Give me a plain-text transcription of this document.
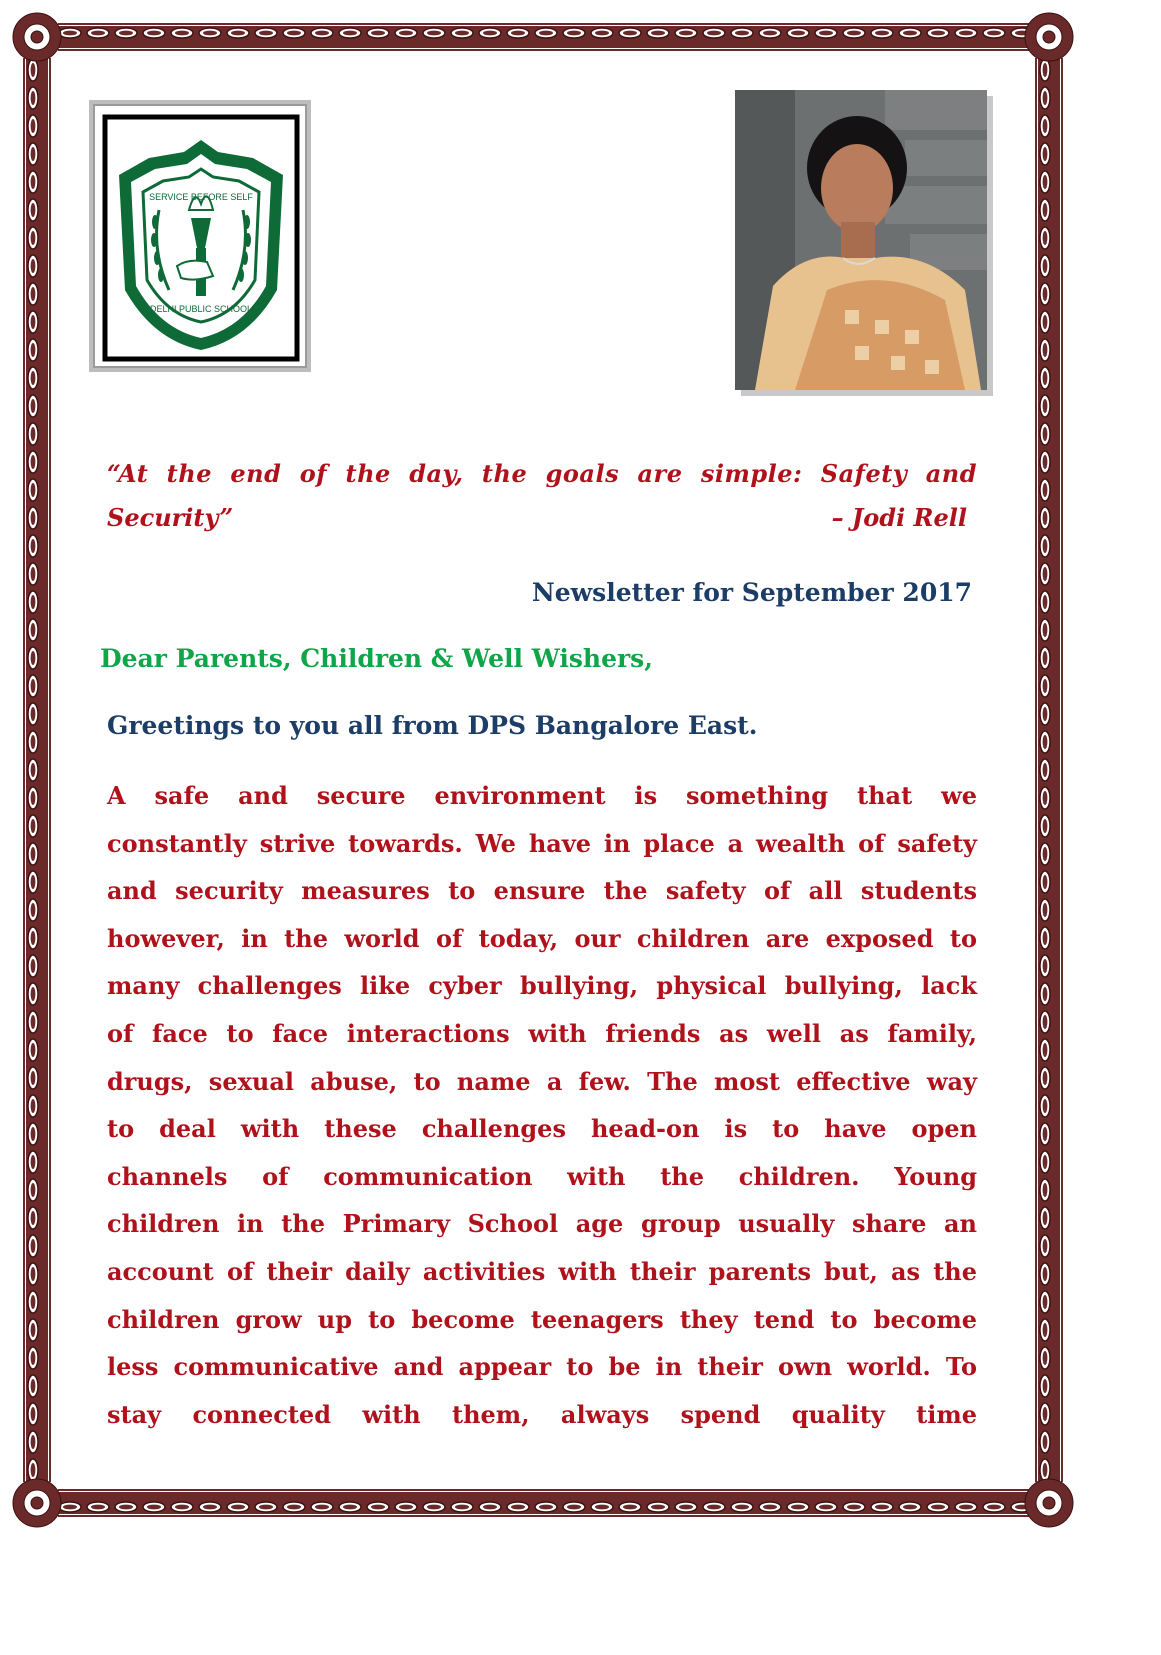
SERVICE BEFORE SELF
DELHI PUBLIC SCHOOL
“At the end of the day, the goals are simple: Safety and
Security”	– Jodi Rell
Newsletter for September 2017
Dear Parents, Children & Well Wishers,
Greetings to you all from DPS Bangalore East.
A safe and secure environment is something that we
constantly strive towards. We have in place a wealth of safety
and security measures to ensure the safety of all students
however, in the world of today, our children are exposed to
many challenges like cyber bullying, physical bullying, lack
of face to face interactions with friends as well as family,
drugs, sexual abuse, to name a few. The most effective way
to deal with these challenges head-on is to have open
channels of communication with the children. Young
children in the Primary School age group usually share an
account of their daily activities with their parents but, as the
children grow up to become teenagers they tend to become
less communicative and appear to be in their own world. To
stay connected with them, always spend quality time
